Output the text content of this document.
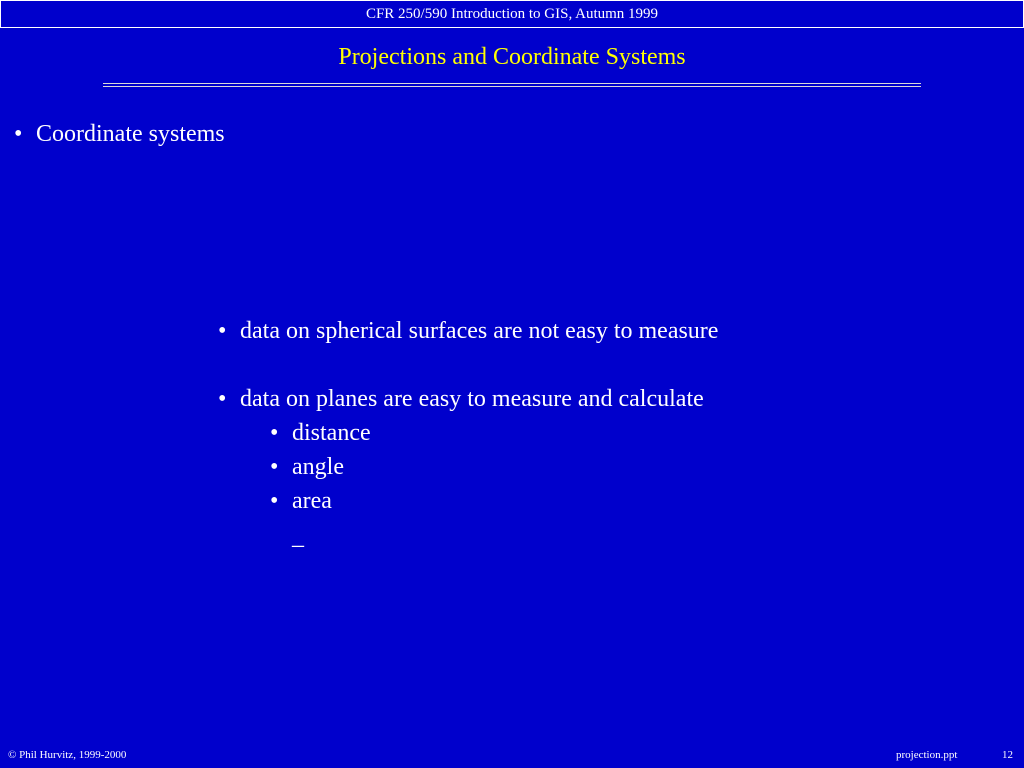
CFR 250/590 Introduction to GIS, Autumn 1999
Projections and Coordinate Systems
• Coordinate systems
• data on spherical surfaces are not easy to measure
• data on planes are easy to measure and calculate
• distance
• angle
• area
–
© Phil Hurvitz, 1999-2000	projection.ppt	12
